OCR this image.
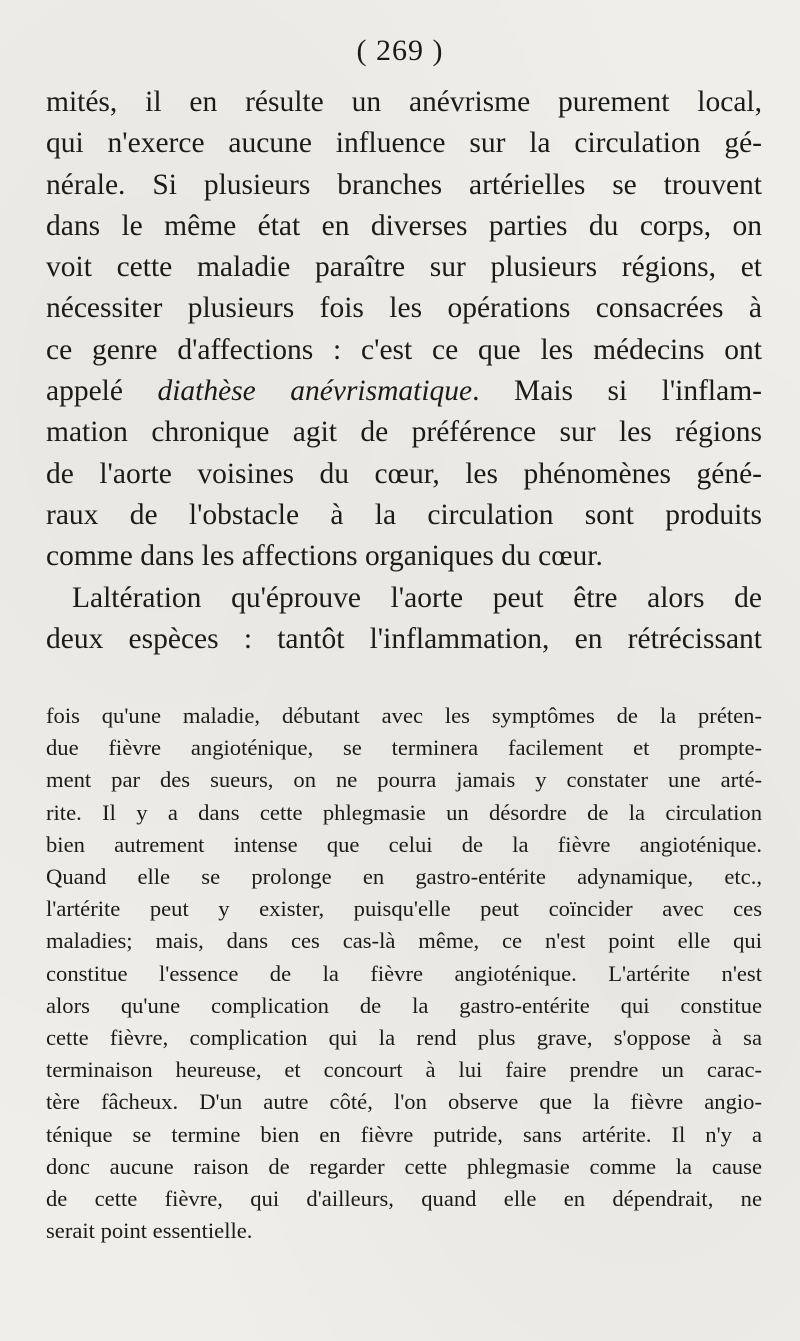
( 269 )
mités, il en résulte un anévrisme purement local,
qui n'exerce aucune influence sur la circulation gé-
nérale. Si plusieurs branches artérielles se trouvent
dans le même état en diverses parties du corps, on
voit cette maladie paraître sur plusieurs régions, et
nécessiter plusieurs fois les opérations consacrées à
ce genre d'affections : c'est ce que les médecins ont
appelé diathèse anévrismatique. Mais si l'inflam-
mation chronique agit de préférence sur les régions
de l'aorte voisines du cœur, les phénomènes géné-
raux de l'obstacle à la circulation sont produits
comme dans les affections organiques du cœur.
Laltération qu'éprouve l'aorte peut être alors de
deux espèces : tantôt l'inflammation, en rétrécissant
fois qu'une maladie, débutant avec les symptômes de la préten-
due fièvre angioténique, se terminera facilement et prompte-
ment par des sueurs, on ne pourra jamais y constater une arté-
rite. Il y a dans cette phlegmasie un désordre de la circulation
bien autrement intense que celui de la fièvre angioténique.
Quand elle se prolonge en gastro-entérite adynamique, etc.,
l'artérite peut y exister, puisqu'elle peut coïncider avec ces
maladies; mais, dans ces cas-là même, ce n'est point elle qui
constitue l'essence de la fièvre angioténique. L'artérite n'est
alors qu'une complication de la gastro-entérite qui constitue
cette fièvre, complication qui la rend plus grave, s'oppose à sa
terminaison heureuse, et concourt à lui faire prendre un carac-
tère fâcheux. D'un autre côté, l'on observe que la fièvre angio-
ténique se termine bien en fièvre putride, sans artérite. Il n'y a
donc aucune raison de regarder cette phlegmasie comme la cause
de cette fièvre, qui d'ailleurs, quand elle en dépendrait, ne
serait point essentielle.
